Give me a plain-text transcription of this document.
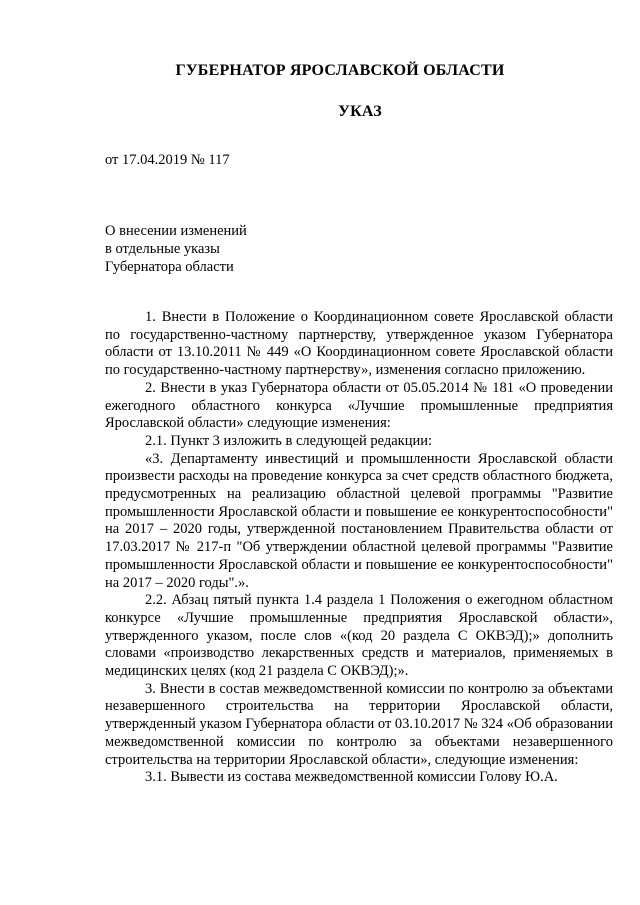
ГУБЕРНАТОР ЯРОСЛАВСКОЙ ОБЛАСТИ
УКАЗ
от 17.04.2019 № 117
О внесении изменений
в отдельные указы
Губернатора области

1. Внести в Положение о Координационном совете Ярославской области по государственно-частному партнерству, утвержденное указом Губернатора области от 13.10.2011 № 449 «О Координационном совете Ярославской области по государственно-частному партнерству», изменения согласно приложению.

2. Внести в указ Губернатора области от 05.05.2014 № 181 «О проведении ежегодного областного конкурса «Лучшие промышленные предприятия Ярославской области» следующие изменения:

2.1. Пункт 3 изложить в следующей редакции:

«3. Департаменту инвестиций и промышленности Ярославской области произвести расходы на проведение конкурса за счет средств областного бюджета, предусмотренных на реализацию областной целевой программы "Развитие промышленности Ярославской области и повышение ее конкурентоспособности" на 2017 – 2020 годы, утвержденной постановлением Правительства области от 17.03.2017 № 217-п "Об утверждении областной целевой программы "Развитие промышленности Ярославской области и повышение ее конкурентоспособности" на 2017 – 2020 годы".».

2.2. Абзац пятый пункта 1.4 раздела 1 Положения о ежегодном областном конкурсе «Лучшие промышленные предприятия Ярославской области», утвержденного указом, после слов «(код 20 раздела С ОКВЭД);» дополнить словами «производство лекарственных средств и материалов, применяемых в медицинских целях (код 21 раздела С ОКВЭД);».

3. Внести в состав межведомственной комиссии по контролю за объектами незавершенного строительства на территории Ярославской области, утвержденный указом Губернатора области от 03.10.2017 № 324 «Об образовании межведомственной комиссии по контролю за объектами незавершенного строительства на территории Ярославской области», следующие изменения:

3.1. Вывести из состава межведомственной комиссии Голову Ю.А.
